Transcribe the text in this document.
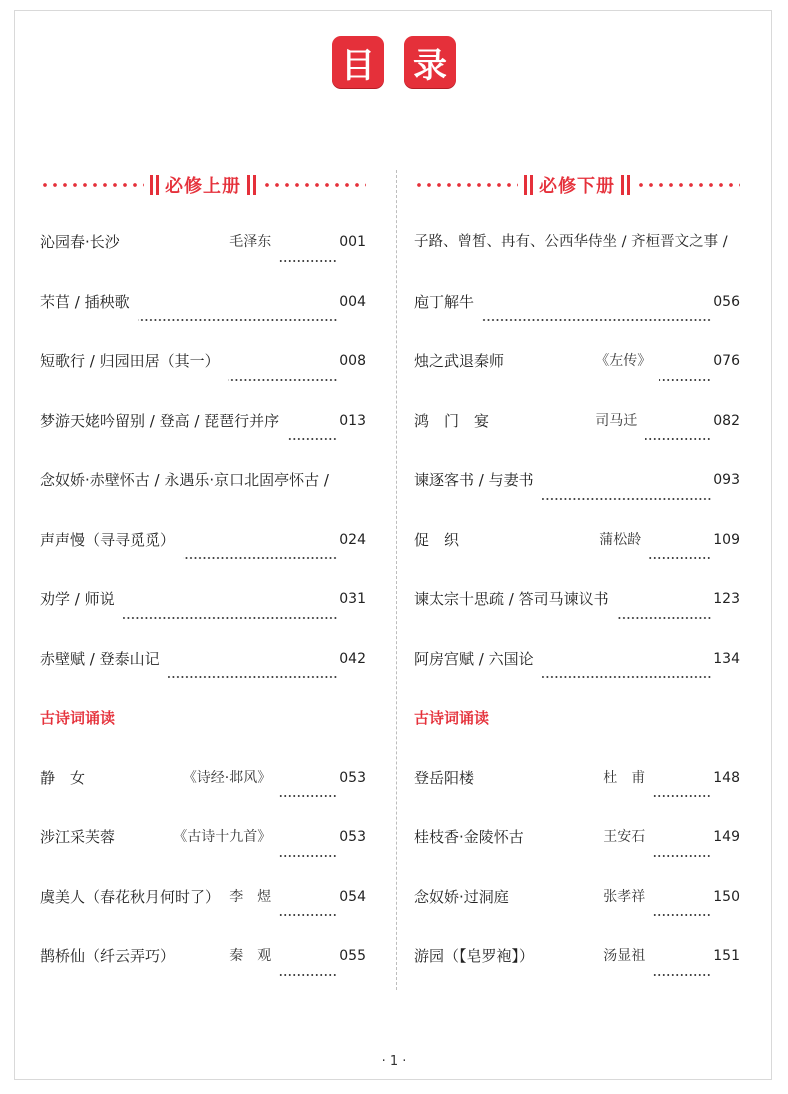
目 录
必修上册
沁园春·长沙	毛泽东	001
芣苢 / 插秧歌	004
短歌行 / 归园田居（其一）	008
梦游天姥吟留别 / 登高 / 琵琶行并序	013
念奴娇·赤壁怀古 / 永遇乐·京口北固亭怀古 /
声声慢（寻寻觅觅）	024
劝学 / 师说	031
赤壁赋 / 登泰山记	042
古诗词诵读
静　女	《诗经·邶风》	053
涉江采芙蓉	《古诗十九首》	053
虞美人（春花秋月何时了） 李　煜	054
鹊桥仙（纤云弄巧）	秦　观	055
必修下册
子路、曾皙、冉有、公西华侍坐 / 齐桓晋文之事 /
庖丁解牛	056
烛之武退秦师	《左传》	076
鸿　门　宴	司马迁	082
谏逐客书 / 与妻书	093
促　织	蒲松龄	109
谏太宗十思疏 / 答司马谏议书	123
阿房宫赋 / 六国论	134
古诗词诵读
登岳阳楼	杜　甫	148
桂枝香·金陵怀古	王安石	149
念奴娇·过洞庭	张孝祥	150
游园（【皂罗袍】）	汤显祖	151
· 1 ·
